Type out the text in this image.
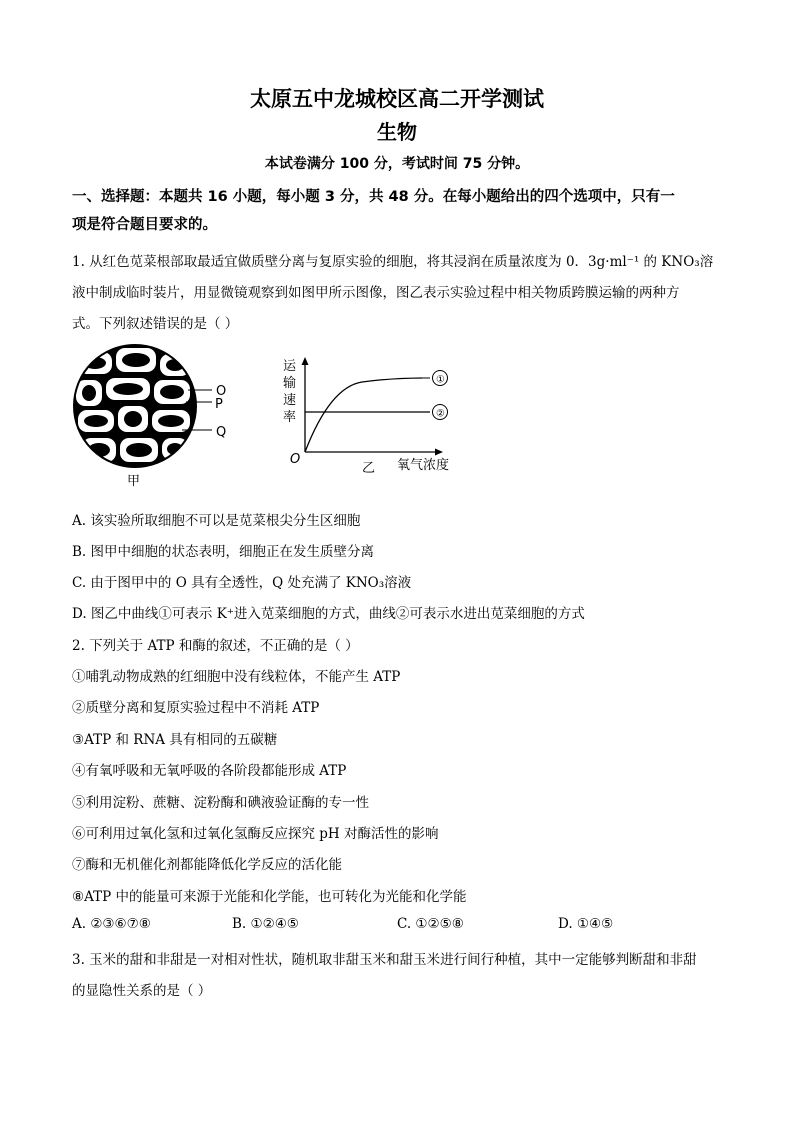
太原五中龙城校区高二开学测试
生物
本试卷满分 100 分，考试时间 75 分钟。
一、选择题：本题共 16 小题，每小题 3 分，共 48 分。在每小题给出的四个选项中，只有一
项是符合题目要求的。
1. 从红色苋菜根部取最适宜做质壁分离与复原实验的细胞，将其浸润在质量浓度为 0．3g·ml⁻¹ 的 KNO₃溶
液中制成临时装片，用显微镜观察到如图甲所示图像，图乙表示实验过程中相关物质跨膜运输的两种方
式。下列叙述错误的是（ ）
O
P
Q
甲
运
输
速
率
O
乙 氧气浓度
①
②
A. 该实验所取细胞不可以是苋菜根尖分生区细胞
B. 图甲中细胞的状态表明，细胞正在发生质壁分离
C. 由于图甲中的 O 具有全透性，Q 处充满了 KNO₃溶液
D. 图乙中曲线①可表示 K⁺进入苋菜细胞的方式，曲线②可表示水进出苋菜细胞的方式
2. 下列关于 ATP 和酶的叙述，不正确的是（ ）
①哺乳动物成熟的红细胞中没有线粒体，不能产生 ATP
②质壁分离和复原实验过程中不消耗 ATP
③ATP 和 RNA 具有相同的五碳糖
④有氧呼吸和无氧呼吸的各阶段都能形成 ATP
⑤利用淀粉、蔗糖、淀粉酶和碘液验证酶的专一性
⑥可利用过氧化氢和过氧化氢酶反应探究 pH 对酶活性的影响
⑦酶和无机催化剂都能降低化学反应的活化能
⑧ATP 中的能量可来源于光能和化学能，也可转化为光能和化学能
A. ②③⑥⑦⑧	B. ①②④⑤	C. ①②⑤⑧	D. ①④⑤
3. 玉米的甜和非甜是一对相对性状，随机取非甜玉米和甜玉米进行间行种植，其中一定能够判断甜和非甜
的显隐性关系的是（ ）
